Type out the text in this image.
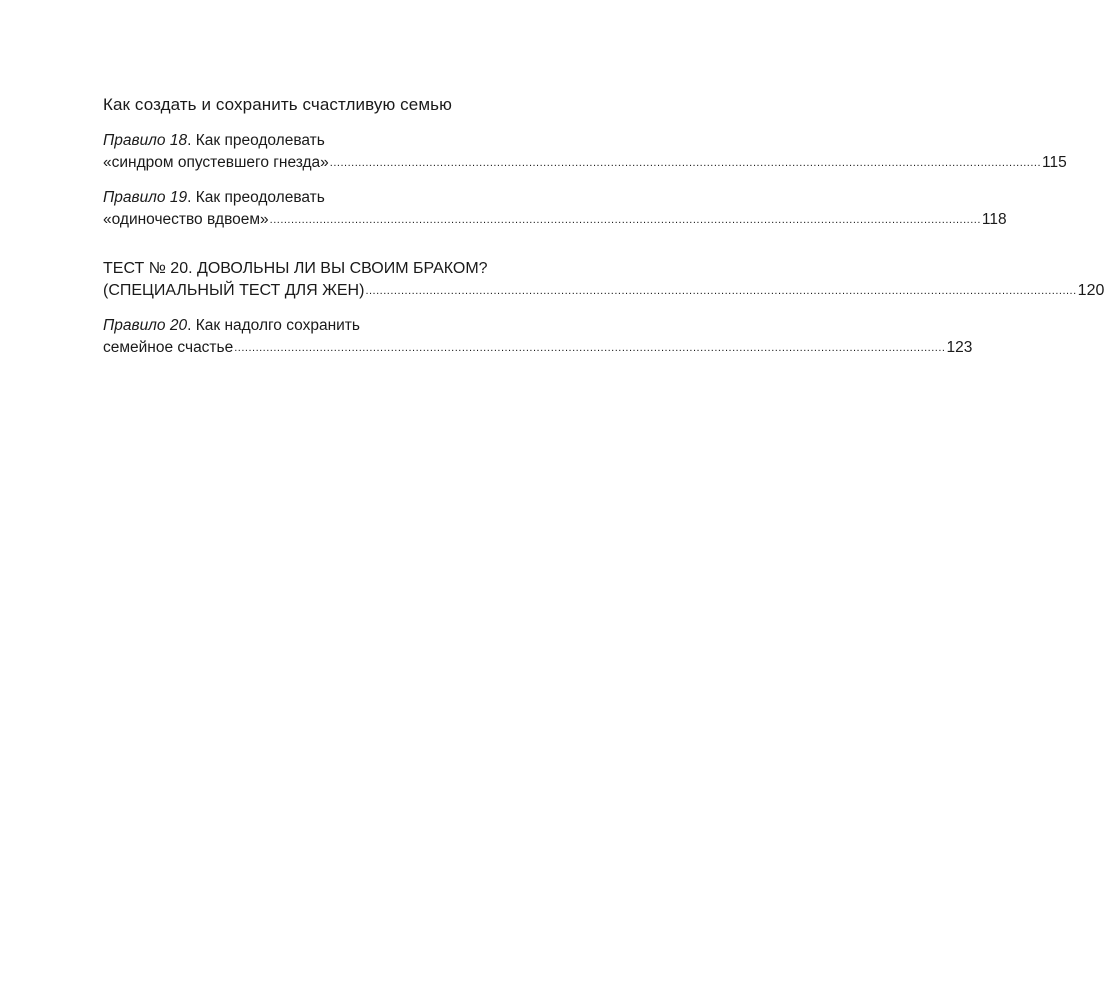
Как создать и сохранить счастливую семью
Правило 18. Как преодолевать
«синдром опустевшего гнезда» ........................................................................................................................................................................................................ 115
Правило 19. Как преодолевать
«одиночество вдвоем» ........................................................................................................................................................................................................ 118
ТЕСТ № 20. ДОВОЛЬНЫ ЛИ ВЫ СВОИМ БРАКОМ?
(СПЕЦИАЛЬНЫЙ ТЕСТ ДЛЯ ЖЕН) ........................................................................................................................................................................................................ 120
Правило 20. Как надолго сохранить
семейное счастье ........................................................................................................................................................................................................ 123
